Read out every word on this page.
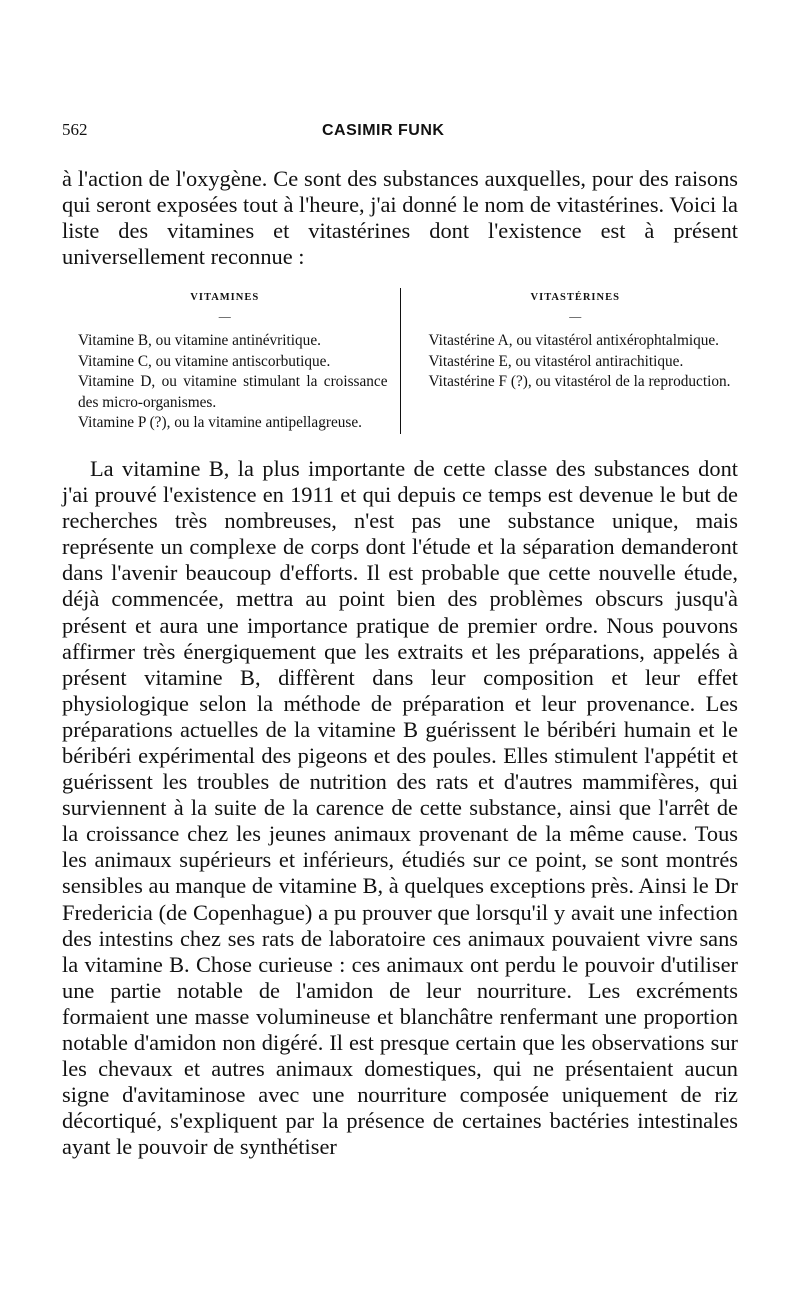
562	CASIMIR FUNK

à l'action de l'oxygène. Ce sont des substances auxquelles, pour des raisons qui seront exposées tout à l'heure, j'ai donné le nom de vitastérines. Voici la liste des vitamines et vitastérines dont l'existence est à présent universellement reconnue :

VITAMINES
—
Vitamine B, ou vitamine antinévritique.
Vitamine C, ou vitamine antiscorbutique.
Vitamine D, ou vitamine stimulant la croissance des micro-organismes.
Vitamine P (?), ou la vitamine antipellagreuse.
VITASTÉRINES
—
Vitastérine A, ou vitastérol antixérophtalmique.
Vitastérine E, ou vitastérol antirachitique.
Vitastérine F (?), ou vitastérol de la reproduction.

La vitamine B, la plus importante de cette classe des substances dont j'ai prouvé l'existence en 1911 et qui depuis ce temps est devenue le but de recherches très nombreuses, n'est pas une substance unique, mais représente un complexe de corps dont l'étude et la séparation demanderont dans l'avenir beaucoup d'efforts. Il est probable que cette nouvelle étude, déjà commencée, mettra au point bien des problèmes obscurs jusqu'à présent et aura une importance pratique de premier ordre. Nous pouvons affirmer très énergiquement que les extraits et les préparations, appelés à présent vitamine B, diffèrent dans leur composition et leur effet physiologique selon la méthode de préparation et leur provenance. Les préparations actuelles de la vitamine B guérissent le béribéri humain et le béribéri expérimental des pigeons et des poules. Elles stimulent l'appétit et guérissent les troubles de nutrition des rats et d'autres mammifères, qui surviennent à la suite de la carence de cette substance, ainsi que l'arrêt de la croissance chez les jeunes animaux provenant de la même cause. Tous les animaux supérieurs et inférieurs, étudiés sur ce point, se sont montrés sensibles au manque de vitamine B, à quelques exceptions près. Ainsi le Dr Fredericia (de Copenhague) a pu prouver que lorsqu'il y avait une infection des intestins chez ses rats de laboratoire ces animaux pouvaient vivre sans la vitamine B. Chose curieuse : ces animaux ont perdu le pouvoir d'utiliser une partie notable de l'amidon de leur nourriture. Les excréments formaient une masse volumineuse et blanchâtre renfermant une proportion notable d'amidon non digéré. Il est presque certain que les observations sur les chevaux et autres animaux domestiques, qui ne présentaient aucun signe d'avitaminose avec une nourriture composée uniquement de riz décortiqué, s'expliquent par la présence de certaines bactéries intestinales ayant le pouvoir de synthétiser
